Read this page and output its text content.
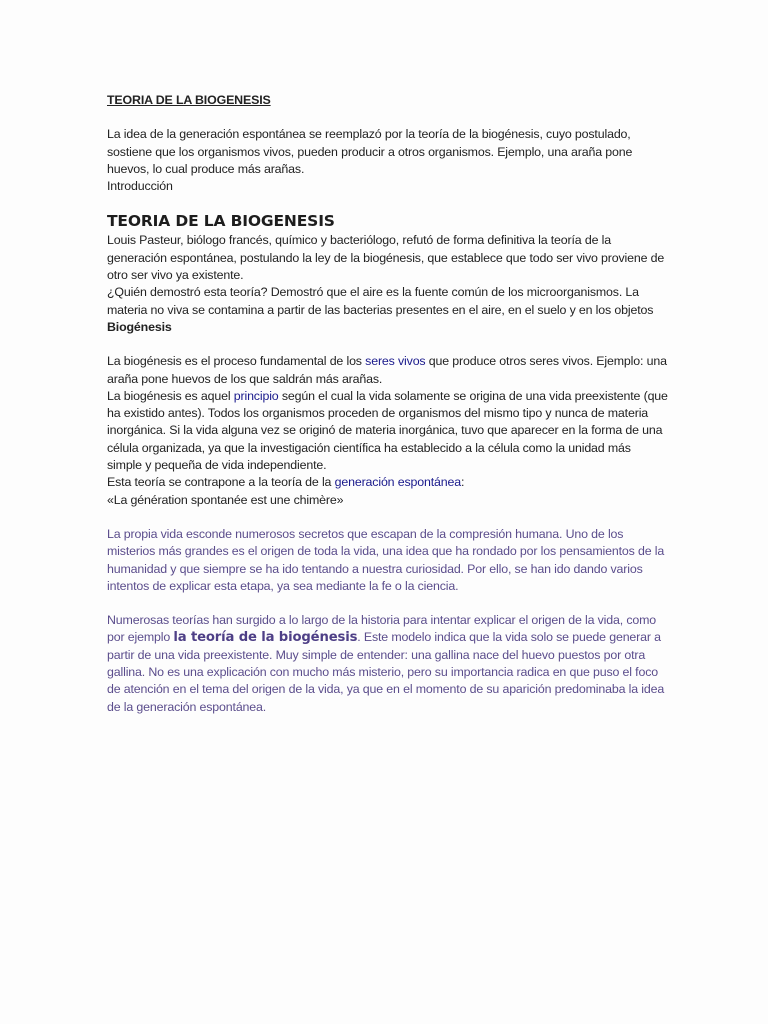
TEORIA DE LA BIOGENESIS

La idea de la generación espontánea se reemplazó por la teoría de la biogénesis, cuyo postulado, sostiene que los organismos vivos, pueden producir a otros organismos. Ejemplo, una araña pone huevos, lo cual produce más arañas.

Introducción

TEORIA DE LA BIOGENESIS

Louis Pasteur, biólogo francés, químico y bacteriólogo, refutó de forma definitiva la teoría de la generación espontánea, postulando la ley de la biogénesis, que establece que todo ser vivo proviene de otro ser vivo ya existente.

¿Quién demostró esta teoría? Demostró que el aire es la fuente común de los microorganismos. La materia no viva se contamina a partir de las bacterias presentes en el aire, en el suelo y en los objetos

Biogénesis

La biogénesis es el proceso fundamental de los seres vivos que produce otros seres vivos. Ejemplo: una araña pone huevos de los que saldrán más arañas.

La biogénesis es aquel principio según el cual la vida solamente se origina de una vida preexistente (que ha existido antes). Todos los organismos proceden de organismos del mismo tipo y nunca de materia inorgánica. Si la vida alguna vez se originó de materia inorgánica, tuvo que aparecer en la forma de una célula organizada, ya que la investigación científica ha establecido a la célula como la unidad más simple y pequeña de vida independiente.

Esta teoría se contrapone a la teoría de la generación espontánea:

«La génération spontanée est une chimère»

La propia vida esconde numerosos secretos que escapan de la compresión humana. Uno de los misterios más grandes es el origen de toda la vida, una idea que ha rondado por los pensamientos de la humanidad y que siempre se ha ido tentando a nuestra curiosidad. Por ello, se han ido dando varios intentos de explicar esta etapa, ya sea mediante la fe o la ciencia.

Numerosas teorías han surgido a lo largo de la historia para intentar explicar el origen de la vida, como por ejemplo la teoría de la biogénesis. Este modelo indica que la vida solo se puede generar a partir de una vida preexistente. Muy simple de entender: una gallina nace del huevo puestos por otra gallina. No es una explicación con mucho más misterio, pero su importancia radica en que puso el foco de atención en el tema del origen de la vida, ya que en el momento de su aparición predominaba la idea de la generación espontánea.
